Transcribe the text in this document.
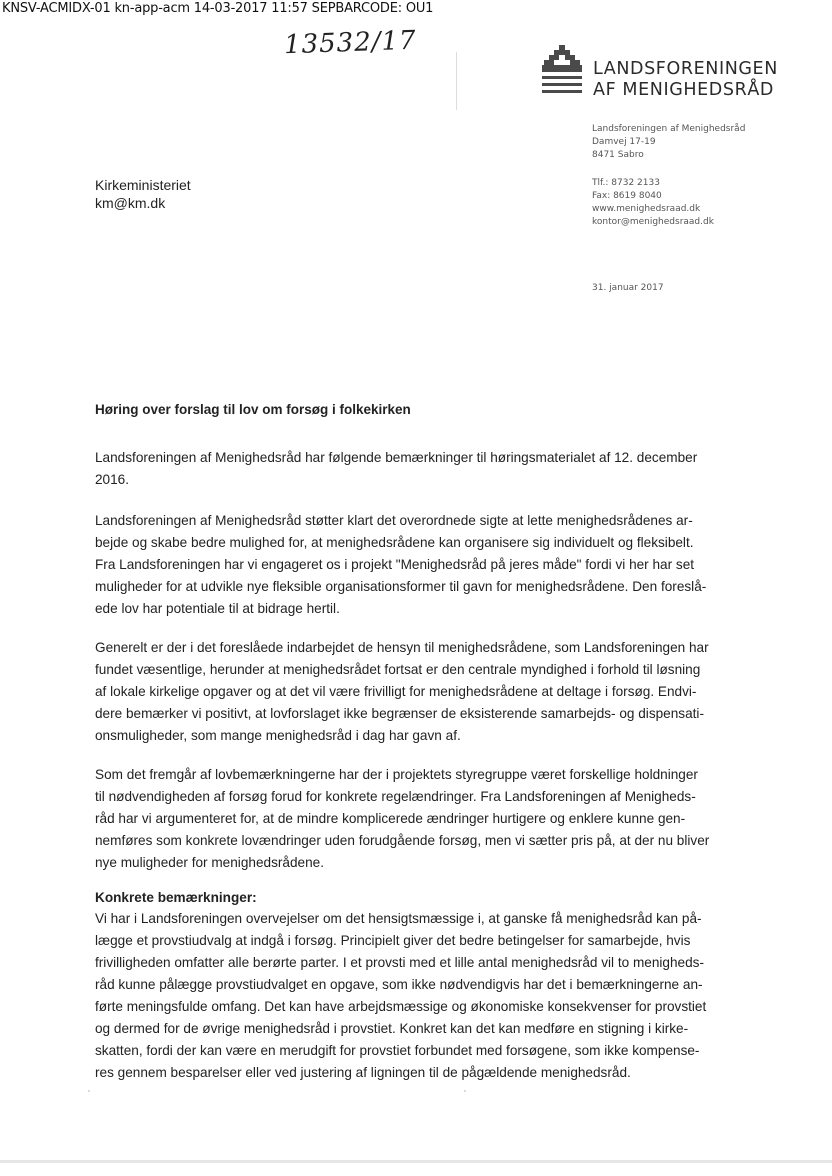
KNSV-ACMIDX-01 kn-app-acm 14-03-2017 11:57 SEPBARCODE: OU1
13532/17
LANDSFORENINGEN
AF MENIGHEDSRÅD
Landsforeningen af Menighedsråd
Damvej 17-19
8471 Sabro
Tlf.: 8732 2133
Fax: 8619 8040
www.menighedsraad.dk
kontor@menighedsraad.dk
31. januar 2017
Kirkeministeriet
km@km.dk
Høring over forslag til lov om forsøg i folkekirken
Landsforeningen af Menighedsråd har følgende bemærkninger til høringsmaterialet af 12. december
2016.
Landsforeningen af Menighedsråd støtter klart det overordnede sigte at lette menighedsrådenes ar-
bejde og skabe bedre mulighed for, at menighedsrådene kan organisere sig individuelt og fleksibelt.
Fra Landsforeningen har vi engageret os i projekt "Menighedsråd på jeres måde" fordi vi her har set
muligheder for at udvikle nye fleksible organisationsformer til gavn for menighedsrådene. Den foreslå-
ede lov har potentiale til at bidrage hertil.
Generelt er der i det foreslåede indarbejdet de hensyn til menighedsrådene, som Landsforeningen har
fundet væsentlige, herunder at menighedsrådet fortsat er den centrale myndighed i forhold til løsning
af lokale kirkelige opgaver og at det vil være frivilligt for menighedsrådene at deltage i forsøg. Endvi-
dere bemærker vi positivt, at lovforslaget ikke begrænser de eksisterende samarbejds- og dispensati-
onsmuligheder, som mange menighedsråd i dag har gavn af.
Som det fremgår af lovbemærkningerne har der i projektets styregruppe været forskellige holdninger
til nødvendigheden af forsøg forud for konkrete regelændringer. Fra Landsforeningen af Menigheds-
råd har vi argumenteret for, at de mindre komplicerede ændringer hurtigere og enklere kunne gen-
nemføres som konkrete lovændringer uden forudgående forsøg, men vi sætter pris på, at der nu bliver
nye muligheder for menighedsrådene.
Konkrete bemærkninger:
Vi har i Landsforeningen overvejelser om det hensigtsmæssige i, at ganske få menighedsråd kan på-
lægge et provstiudvalg at indgå i forsøg. Principielt giver det bedre betingelser for samarbejde, hvis
frivilligheden omfatter alle berørte parter. I et provsti med et lille antal menighedsråd vil to menigheds-
råd kunne pålægge provstiudvalget en opgave, som ikke nødvendigvis har det i bemærkningerne an-
førte meningsfulde omfang. Det kan have arbejdsmæssige og økonomiske konsekvenser for provstiet
og dermed for de øvrige menighedsråd i provstiet. Konkret kan det kan medføre en stigning i kirke-
skatten, fordi der kan være en merudgift for provstiet forbundet med forsøgene, som ikke kompense-
res gennem besparelser eller ved justering af ligningen til de pågældende menighedsråd.
